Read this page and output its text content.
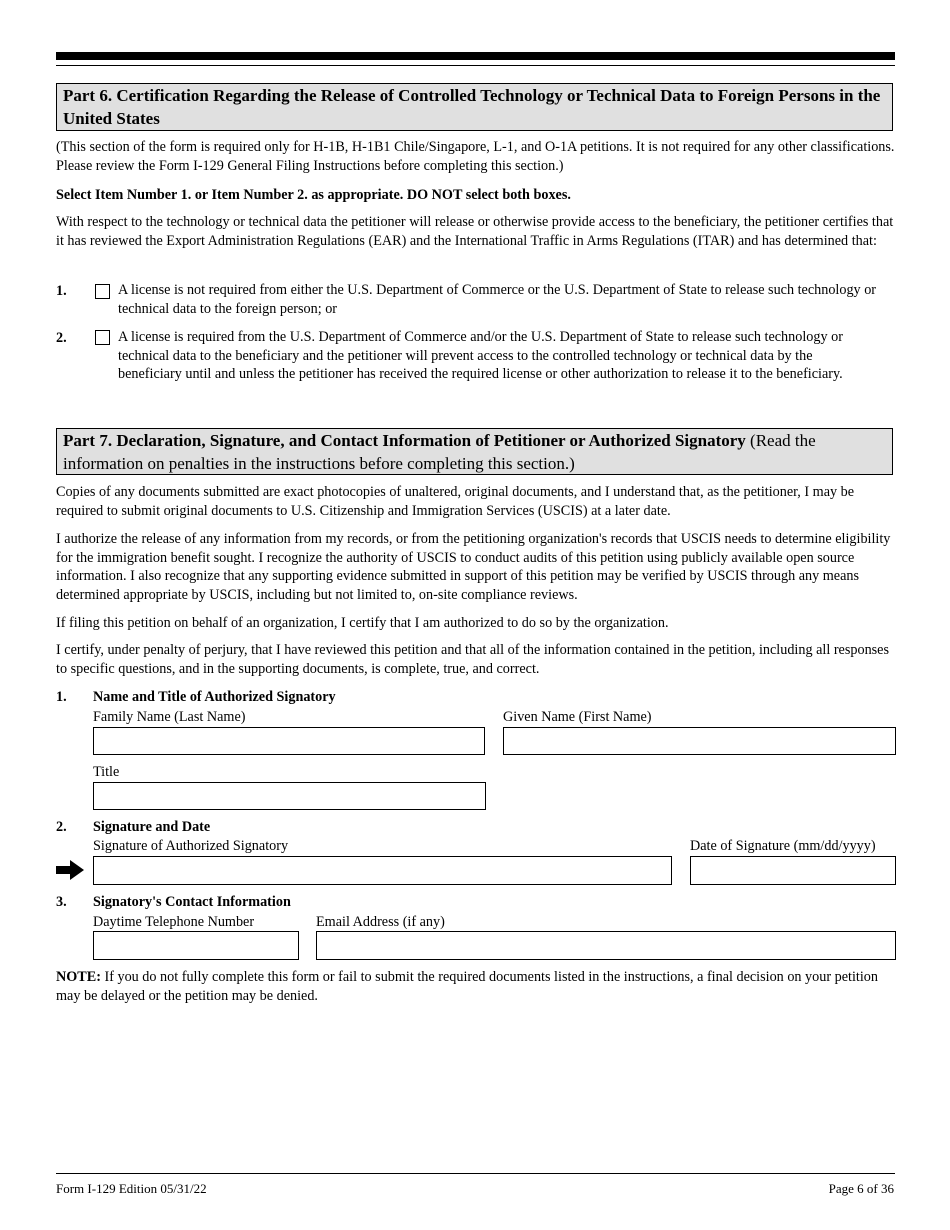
Part 6. Certification Regarding the Release of Controlled Technology or Technical Data to Foreign Persons in the United States

(This section of the form is required only for H-1B, H-1B1 Chile/Singapore, L-1, and O-1A petitions. It is not required for any other classifications. Please review the Form I-129 General Filing Instructions before completing this section.)

Select Item Number 1. or Item Number 2. as appropriate. DO NOT select both boxes.

With respect to the technology or technical data the petitioner will release or otherwise provide access to the beneficiary, the petitioner certifies that it has reviewed the Export Administration Regulations (EAR) and the International Traffic in Arms Regulations (ITAR) and has determined that:

1.	A license is not required from either the U.S. Department of Commerce or the U.S. Department of State to release such technology or technical data to the foreign person; or

2.	A license is required from the U.S. Department of Commerce and/or the U.S. Department of State to release such technology or technical data to the beneficiary and the petitioner will prevent access to the controlled technology or technical data by the beneficiary until and unless the petitioner has received the required license or other authorization to release it to the beneficiary.

Part 7. Declaration, Signature, and Contact Information of Petitioner or Authorized Signatory (Read the information on penalties in the instructions before completing this section.)

Copies of any documents submitted are exact photocopies of unaltered, original documents, and I understand that, as the petitioner, I may be required to submit original documents to U.S. Citizenship and Immigration Services (USCIS) at a later date.

I authorize the release of any information from my records, or from the petitioning organization's records that USCIS needs to determine eligibility for the immigration benefit sought. I recognize the authority of USCIS to conduct audits of this petition using publicly available open source information. I also recognize that any supporting evidence submitted in support of this petition may be verified by USCIS through any means determined appropriate by USCIS, including but not limited to, on-site compliance reviews.

If filing this petition on behalf of an organization, I certify that I am authorized to do so by the organization.

I certify, under penalty of perjury, that I have reviewed this petition and that all of the information contained in the petition, including all responses to specific questions, and in the supporting documents, is complete, true, and correct.

1. Name and Title of Authorized Signatory
Family Name (Last Name)	Given Name (First Name)
Title
2. Signature and Date
Signature of Authorized Signatory	Date of Signature (mm/dd/yyyy)
3. Signatory's Contact Information
Daytime Telephone Number	Email Address (if any)

NOTE: If you do not fully complete this form or fail to submit the required documents listed in the instructions, a final decision on your petition may be delayed or the petition may be denied.

Form I-129 Edition 05/31/22	Page 6 of 36
